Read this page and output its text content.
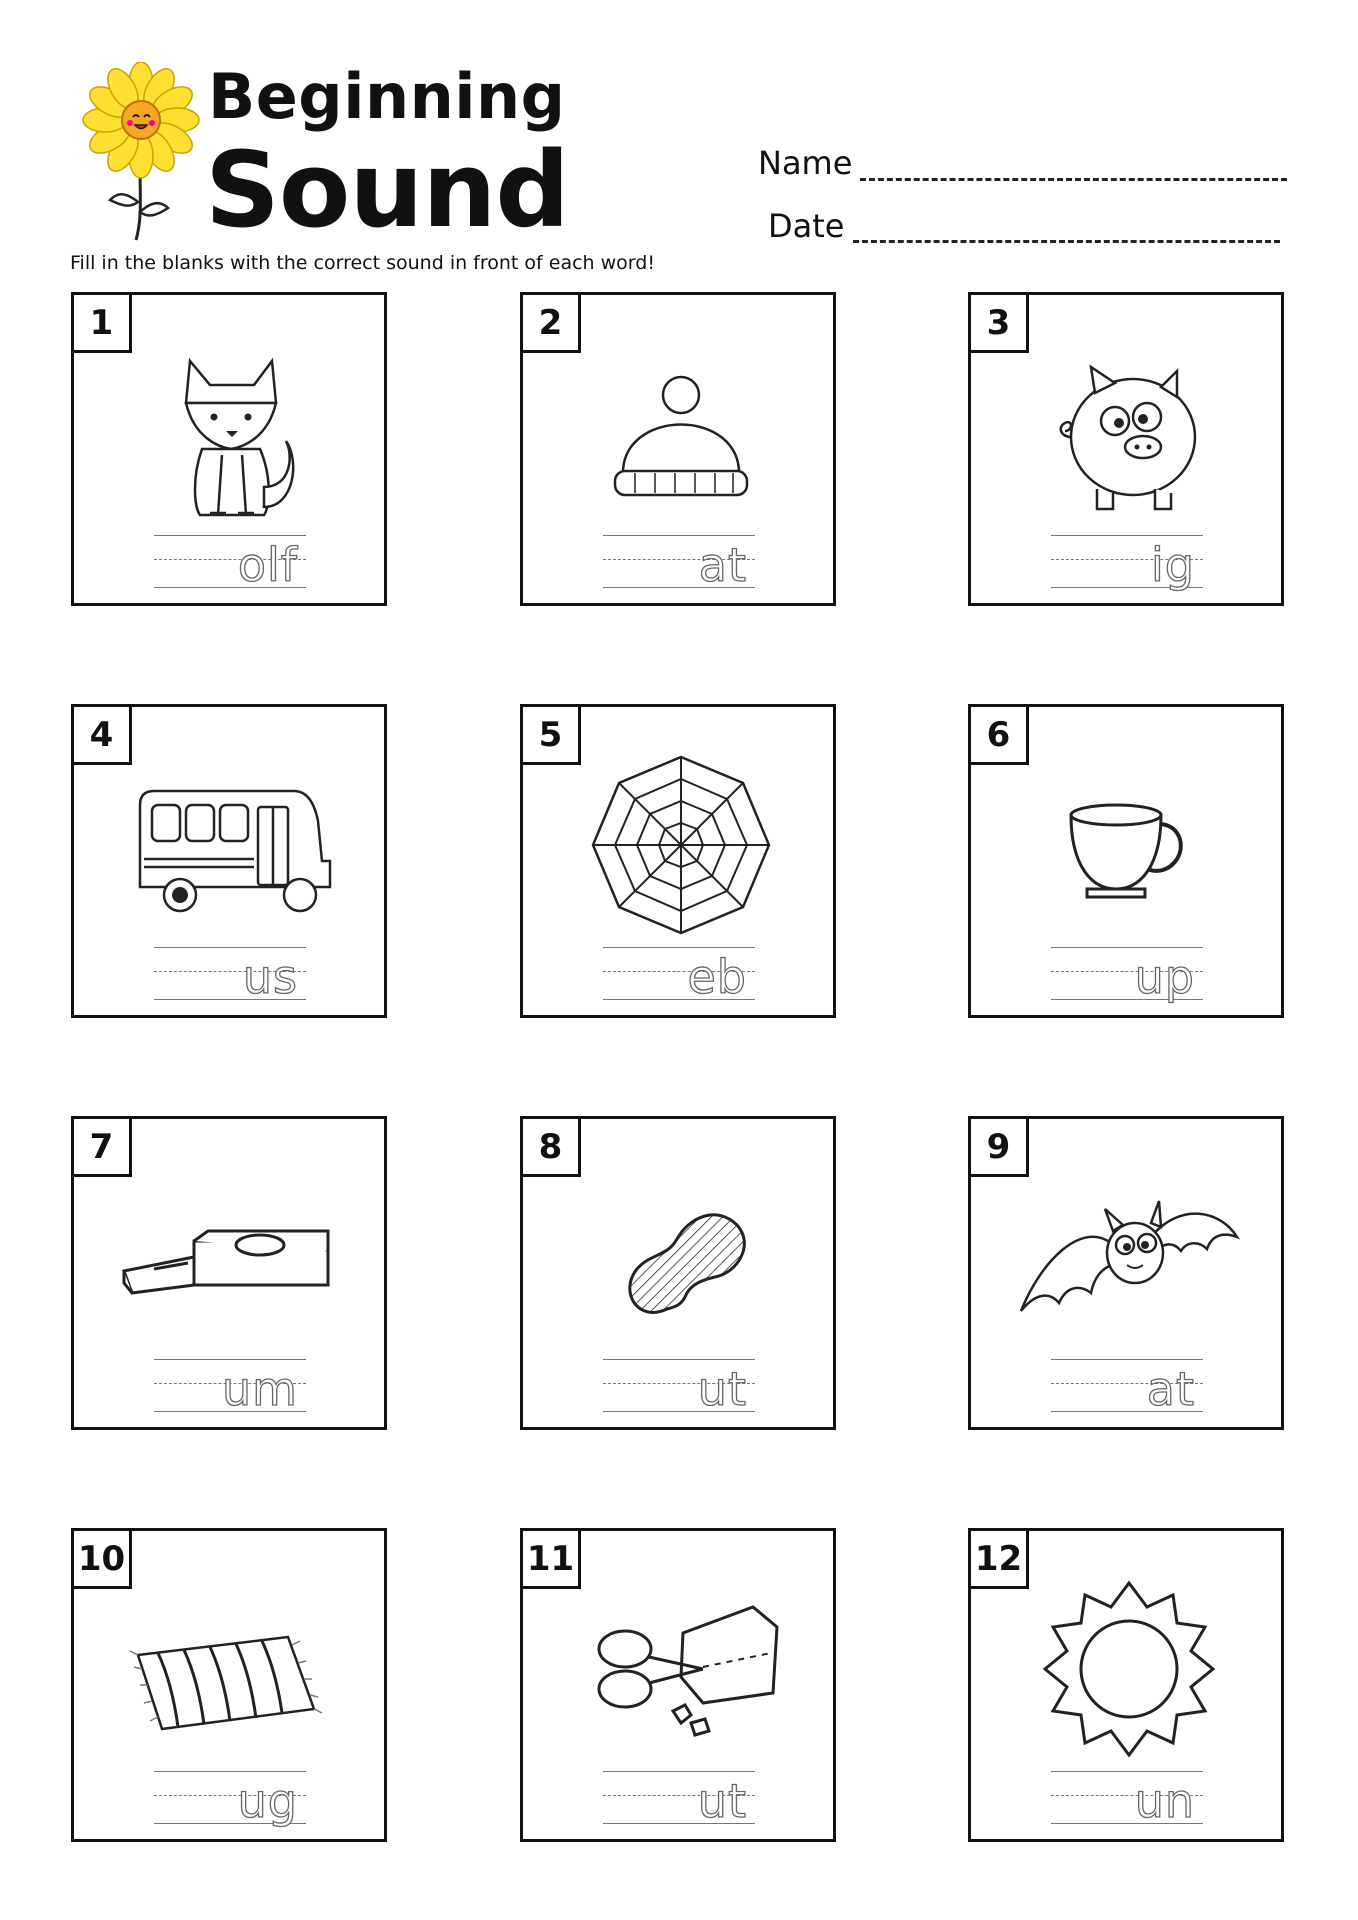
Beginning
Sound
Fill in the blanks with the correct sound in front of each word!
Name
Date
1
olf
2
at
3
ig
4
us
5
eb
6
up
7
um
8
ut
9
at
10
ug
11
ut
12
un
